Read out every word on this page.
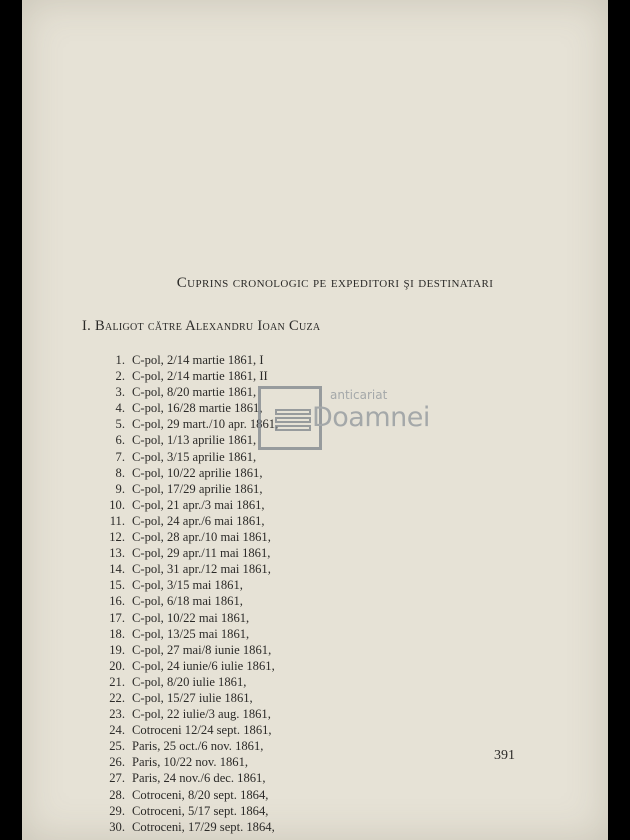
Cuprins cronologic pe expeditori şi destinatari
I. Baligot către Alexandru Ioan Cuza
1. C-pol, 2/14 martie 1861, I
2. C-pol, 2/14 martie 1861, II
3. C-pol, 8/20 martie 1861,
4. C-pol, 16/28 martie 1861,
5. C-pol, 29 mart./10 apr. 1861,
6. C-pol, 1/13 aprilie 1861,
7. C-pol, 3/15 aprilie 1861,
8. C-pol, 10/22 aprilie 1861,
9. C-pol, 17/29 aprilie 1861,
10. C-pol, 21 apr./3 mai 1861,
11. C-pol, 24 apr./6 mai 1861,
12. C-pol, 28 apr./10 mai 1861,
13. C-pol, 29 apr./11 mai 1861,
14. C-pol, 31 apr./12 mai 1861,
15. C-pol, 3/15 mai 1861,
16. C-pol, 6/18 mai 1861,
17. C-pol, 10/22 mai 1861,
18. C-pol, 13/25 mai 1861,
19. C-pol, 27 mai/8 iunie 1861,
20. C-pol, 24 iunie/6 iulie 1861,
21. C-pol, 8/20 iulie 1861,
22. C-pol, 15/27 iulie 1861,
23. C-pol, 22 iulie/3 aug. 1861,
24. Cotroceni 12/24 sept. 1861,
25. Paris, 25 oct./6 nov. 1861,
26. Paris, 10/22 nov. 1861,
27. Paris, 24 nov./6 dec. 1861,
28. Cotroceni, 8/20 sept. 1864,
29. Cotroceni, 5/17 sept. 1864,
30. Cotroceni, 17/29 sept. 1864,
391
anticariat
Doamnei
